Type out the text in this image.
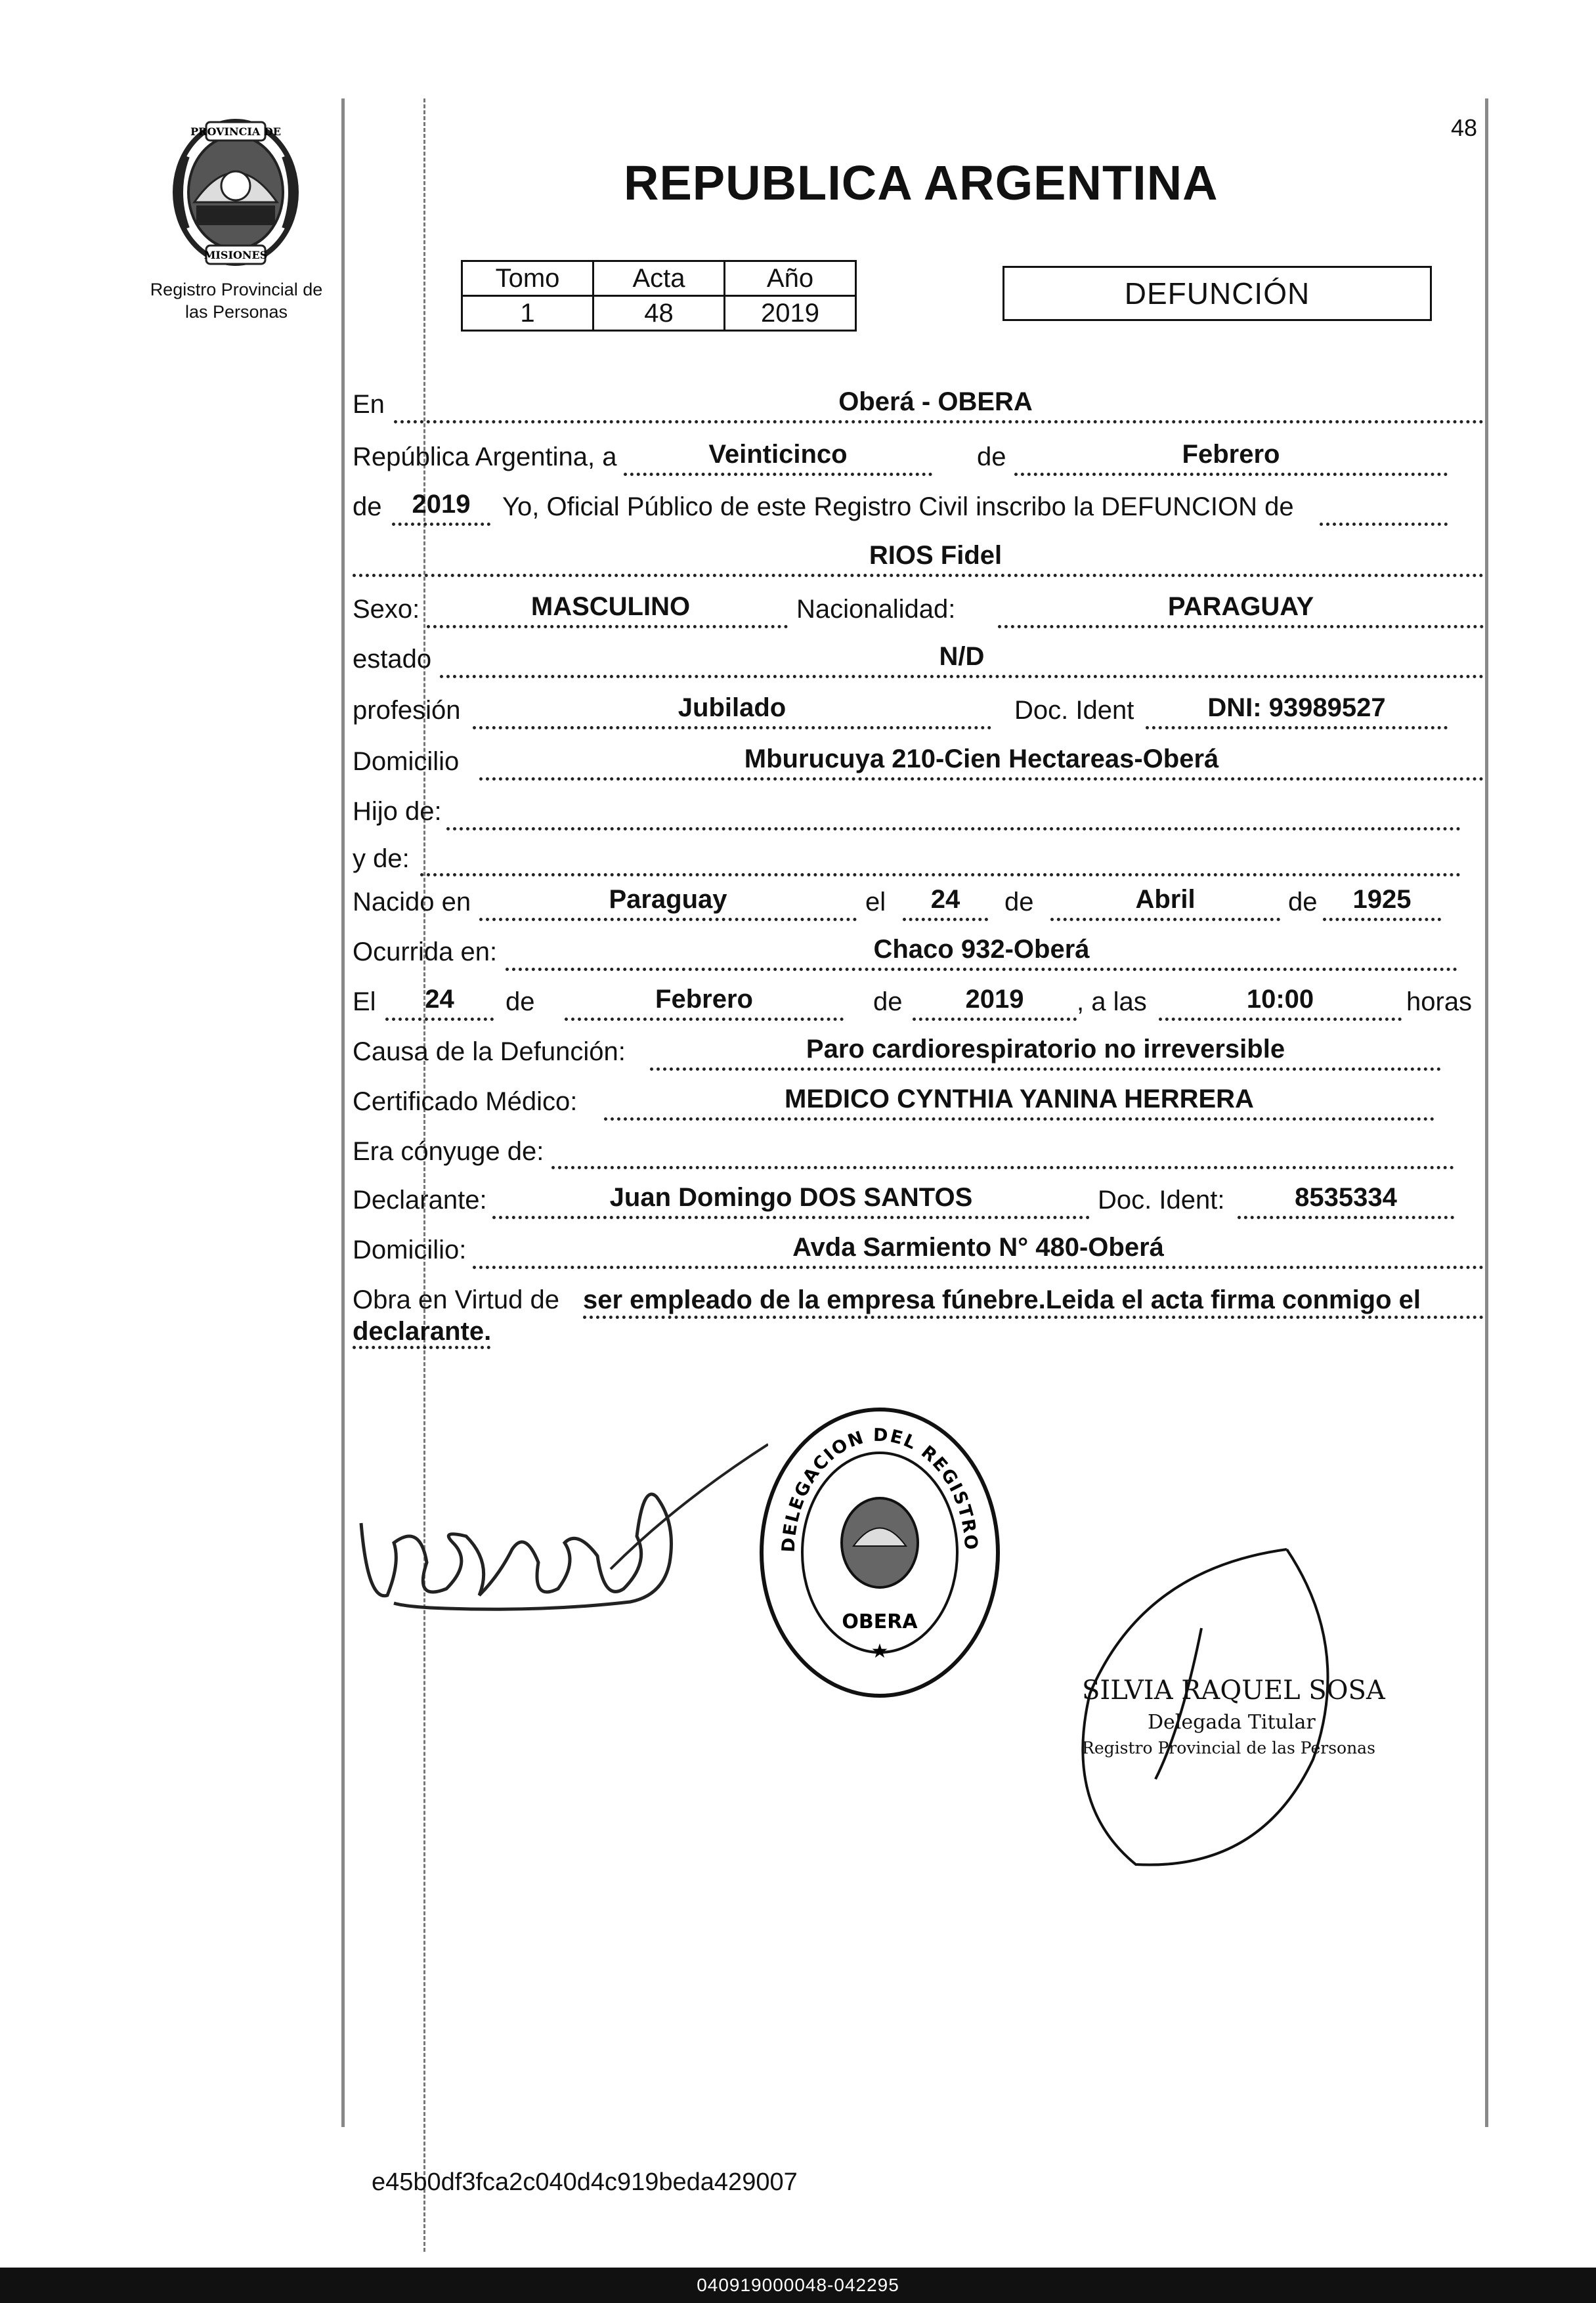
PROVINCIA DE
MISIONES
Registro Provincial de
las Personas
48
REPUBLICA ARGENTINA
Tomo	Acta	Año
1	48	2019
DEFUNCIÓN
En	Oberá - OBERA
República Argentina, a	Veinticinco	de	Febrero
de	2019	Yo, Oficial Público de este Registro Civil inscribo la DEFUNCION de
RIOS Fidel
Sexo:	MASCULINO	Nacionalidad:	PARAGUAY
estado	N/D
profesión	Jubilado	Doc. Ident	DNI: 93989527
Domicilio	Mburucuya 210-Cien Hectareas-Oberá
Hijo de:
y de:
Nacido en	Paraguay	el	24	de	Abril	de	1925
Ocurrida en:	Chaco 932-Oberá
El	24	de	Febrero	de	2019	, a las	10:00	horas
Causa de la Defunción:	Paro cardiorespiratorio no irreversible
Certificado Médico:	MEDICO CYNTHIA YANINA HERRERA
Era cónyuge de:
Declarante:	Juan Domingo DOS SANTOS	Doc. Ident:	8535334
Domicilio:	Avda Sarmiento N° 480-Oberá
Obra en Virtud de ser empleado de la empresa fúnebre.Leida el acta firma conmigo el
declarante.
DELEGACION DEL REGISTRO
OBERA
★
SILVIA RAQUEL SOSA
Delegada Titular
Registro Provincial de las Personas
e45b0df3fca2c040d4c919beda429007
040919000048-042295
